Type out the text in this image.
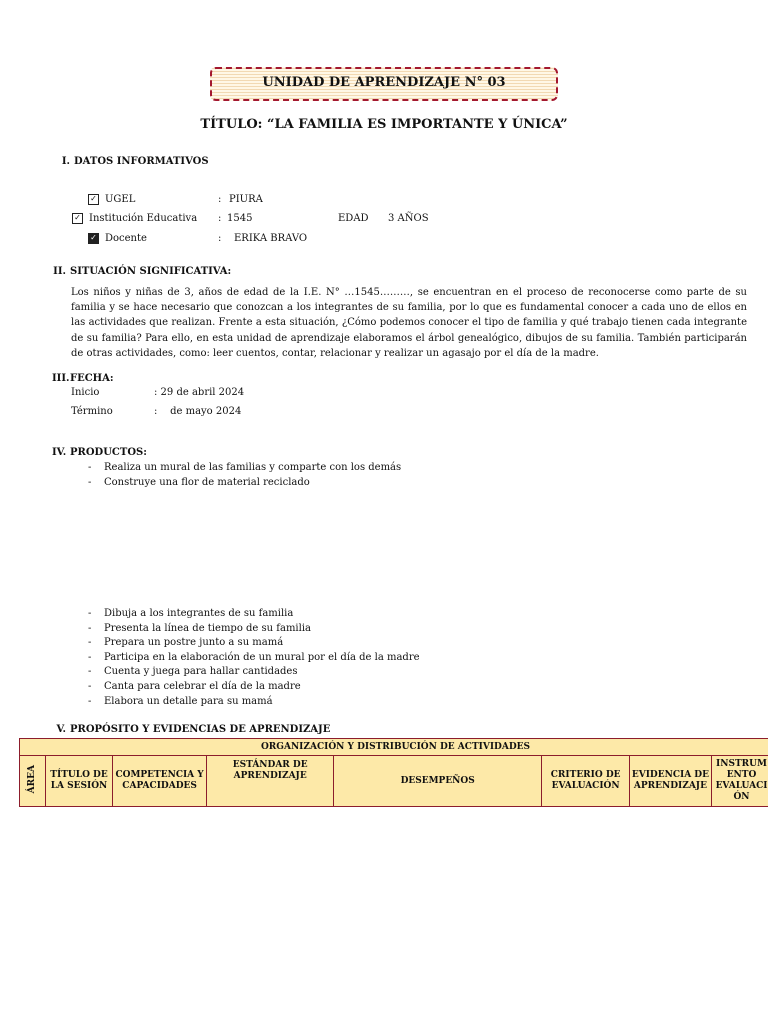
UNIDAD DE APRENDIZAJE N° 03
TÍTULO: “LA FAMILIA ES IMPORTANTE Y ÚNICA”
I. DATOS INFORMATIVOS
✓ UGEL	: PIURA
✓ Institución Educativa : 1545	EDAD 3 AÑOS
✓ Docente	: ERIKA BRAVO
II. SITUACIÓN SIGNIFICATIVA:
Los niños y niñas de 3, años de edad de la I.E. N° …1545………, se encuentran en el proceso de reconocerse como parte de su familia y se hace necesario que conozcan a los integrantes de su familia, por lo que es fundamental conocer a cada uno de ellos en las actividades que realizan. Frente a esta situación, ¿Cómo podemos conocer el tipo de familia y qué trabajo tienen cada integrante de su familia? Para ello, en esta unidad de aprendizaje elaboramos el árbol genealógico, dibujos de su familia. También participarán de otras actividades, como: leer cuentos, contar, relacionar y realizar un agasajo por el día de la madre.
III.FECHA:
Inicio	: 29 de abril 2024
Término	:    de mayo 2024
IV. PRODUCTOS:
- Realiza un mural de las familias y comparte con los demás
- Construye una flor de material reciclado
- Dibuja a los integrantes de su familia
- Presenta la línea de tiempo de su familia
- Prepara un postre junto a su mamá
- Participa en la elaboración de un mural por el día de la madre
- Cuenta y juega para hallar cantidades
- Canta para celebrar el día de la madre
- Elabora un detalle para su mamá
V. PROPÓSITO Y EVIDENCIAS DE APRENDIZAJE
ORGANIZACIÓN Y DISTRIBUCIÓN DE ACTIVIDADES
ÁREA	TÍTULO DE LA SESIÓN	COMPETENCIA Y CAPACIDADES	ESTÁNDAR DE APRENDIZAJE	DESEMPEÑOS	CRITERIO DE EVALUACIÓN	EVIDENCIA DE APRENDIZAJE	INSTRUM ENTO EVALUACI ÓN
